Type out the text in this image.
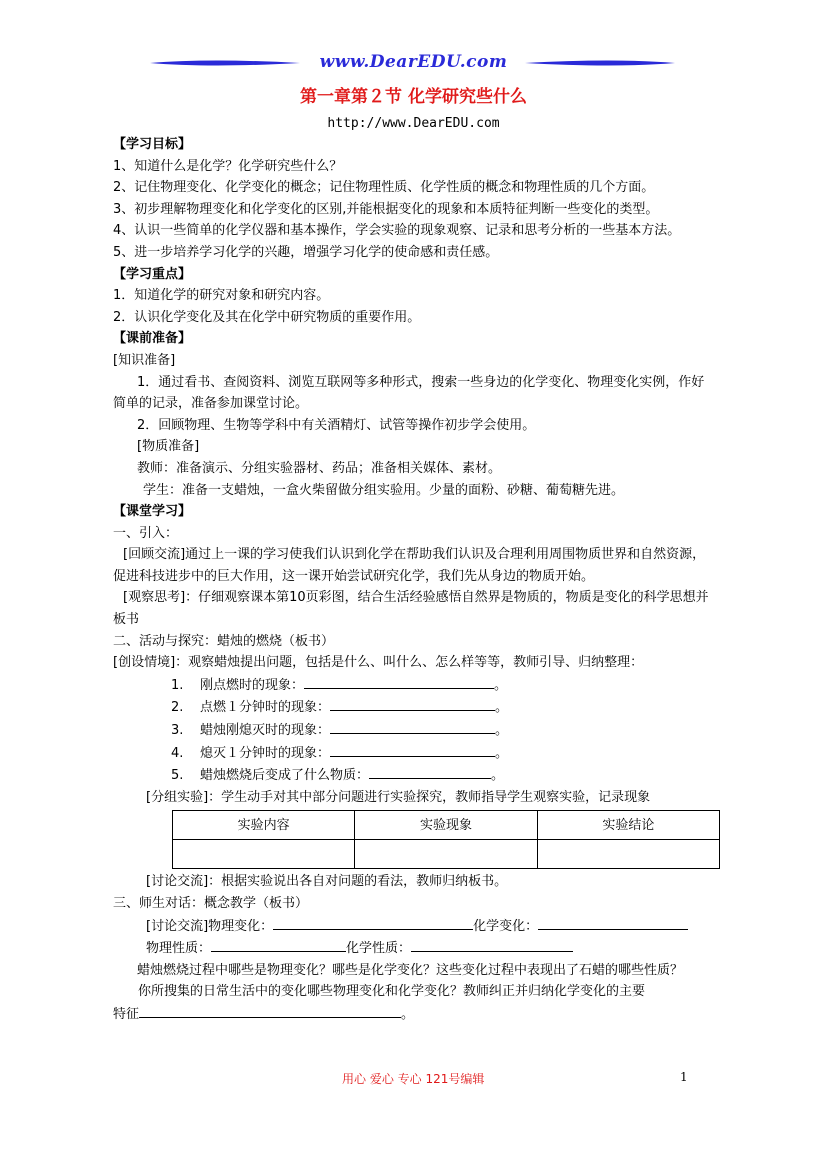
www.DearEDU.com
第一章第２节 化学研究些什么
http://www.DearEDU.com

【学习目标】

1、知道什么是化学？化学研究些什么？

2、记住物理变化、化学变化的概念；记住物理性质、化学性质的概念和物理性质的几个方面。

3、初步理解物理变化和化学变化的区别,并能根据变化的现象和本质特征判断一些变化的类型。

4、认识一些简单的化学仪器和基本操作，学会实验的现象观察、记录和思考分析的一些基本方法。

5、进一步培养学习化学的兴趣，增强学习化学的使命感和责任感。

【学习重点】

1．知道化学的研究对象和研究内容。

2．认识化学变化及其在化学中研究物质的重要作用。

【课前准备】

[知识准备]

1．通过看书、查阅资料、浏览互联网等多种形式，搜索一些身边的化学变化、物理变化实例，作好简单的记录，准备参加课堂讨论。

2．回顾物理、生物等学科中有关酒精灯、试管等操作初步学会使用。

[物质准备]

教师：准备演示、分组实验器材、药品；准备相关媒体、素材。

学生：准备一支蜡烛，一盒火柴留做分组实验用。少量的面粉、砂糖、葡萄糖先进。

【课堂学习】

一、引入：

[回顾交流]通过上一课的学习使我们认识到化学在帮助我们认识及合理利用周围物质世界和自然资源，促进科技进步中的巨大作用，这一课开始尝试研究化学，我们先从身边的物质开始。

[观察思考]：仔细观察课本第10页彩图，结合生活经验感悟自然界是物质的，物质是变化的科学思想并板书

二、活动与探究：蜡烛的燃烧（板书）

[创设情境]：观察蜡烛提出问题，包括是什么、叫什么、怎么样等等，教师引导、归纳整理：

1. 刚点燃时的现象：	。

2. 点燃１分钟时的现象：	。

3. 蜡烛刚熄灭时的现象：	。

4. 熄灭１分钟时的现象：	。

5. 蜡烛燃烧后变成了什么物质：	。

[分组实验]：学生动手对其中部分问题进行实验探究，教师指导学生观察实验，记录现象

实验内容	实验现象	实验结论

[讨论交流]：根据实验说出各自对问题的看法，教师归纳板书。

三、师生对话：概念教学（板书）

[讨论交流]物理变化：	化学变化：

物理性质：	化学性质：

蜡烛燃烧过程中哪些是物理变化？哪些是化学变化？这些变化过程中表现出了石蜡的哪些性质？

你所搜集的日常生活中的变化哪些物理变化和化学变化？教师纠正并归纳化学变化的主要

特征	。

用心 爱心 专心 121号编辑	1
